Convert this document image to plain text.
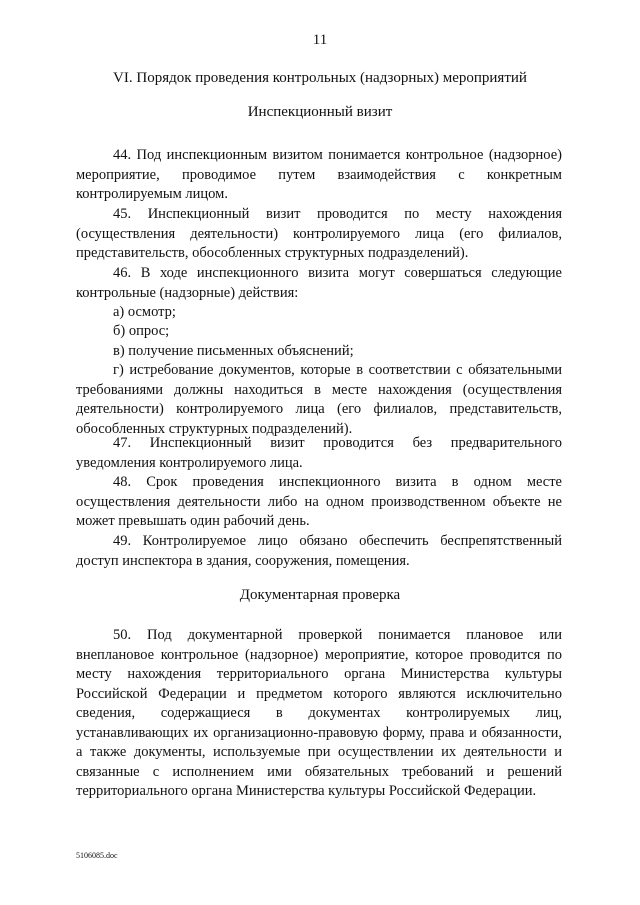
11
VI. Порядок проведения контрольных (надзорных) мероприятий
Инспекционный визит
44. Под инспекционным визитом понимается контрольное (надзорное) мероприятие, проводимое путем взаимодействия с конкретным контролируемым лицом.
45. Инспекционный визит проводится по месту нахождения (осуществления деятельности) контролируемого лица (его филиалов, представительств, обособленных структурных подразделений).
46. В ходе инспекционного визита могут совершаться следующие контрольные (надзорные) действия:
а) осмотр;
б) опрос;
в) получение письменных объяснений;
г) истребование документов, которые в соответствии с обязательными требованиями должны находиться в месте нахождения (осуществления деятельности) контролируемого лица (его филиалов, представительств, обособленных структурных подразделений).
47. Инспекционный визит проводится без предварительного уведомления контролируемого лица.
48. Срок проведения инспекционного визита в одном месте осуществления деятельности либо на одном производственном объекте не может превышать один рабочий день.
49. Контролируемое лицо обязано обеспечить беспрепятственный доступ инспектора в здания, сооружения, помещения.
Документарная проверка
50. Под документарной проверкой понимается плановое или внеплановое контрольное (надзорное) мероприятие, которое проводится по месту нахождения территориального органа Министерства культуры Российской Федерации и предметом которого являются исключительно сведения, содержащиеся в документах контролируемых лиц, устанавливающих их организационно-правовую форму, права и обязанности, а также документы, используемые при осуществлении их деятельности и связанные с исполнением ими обязательных требований и решений территориального органа Министерства культуры Российской Федерации.
5106085.doc
